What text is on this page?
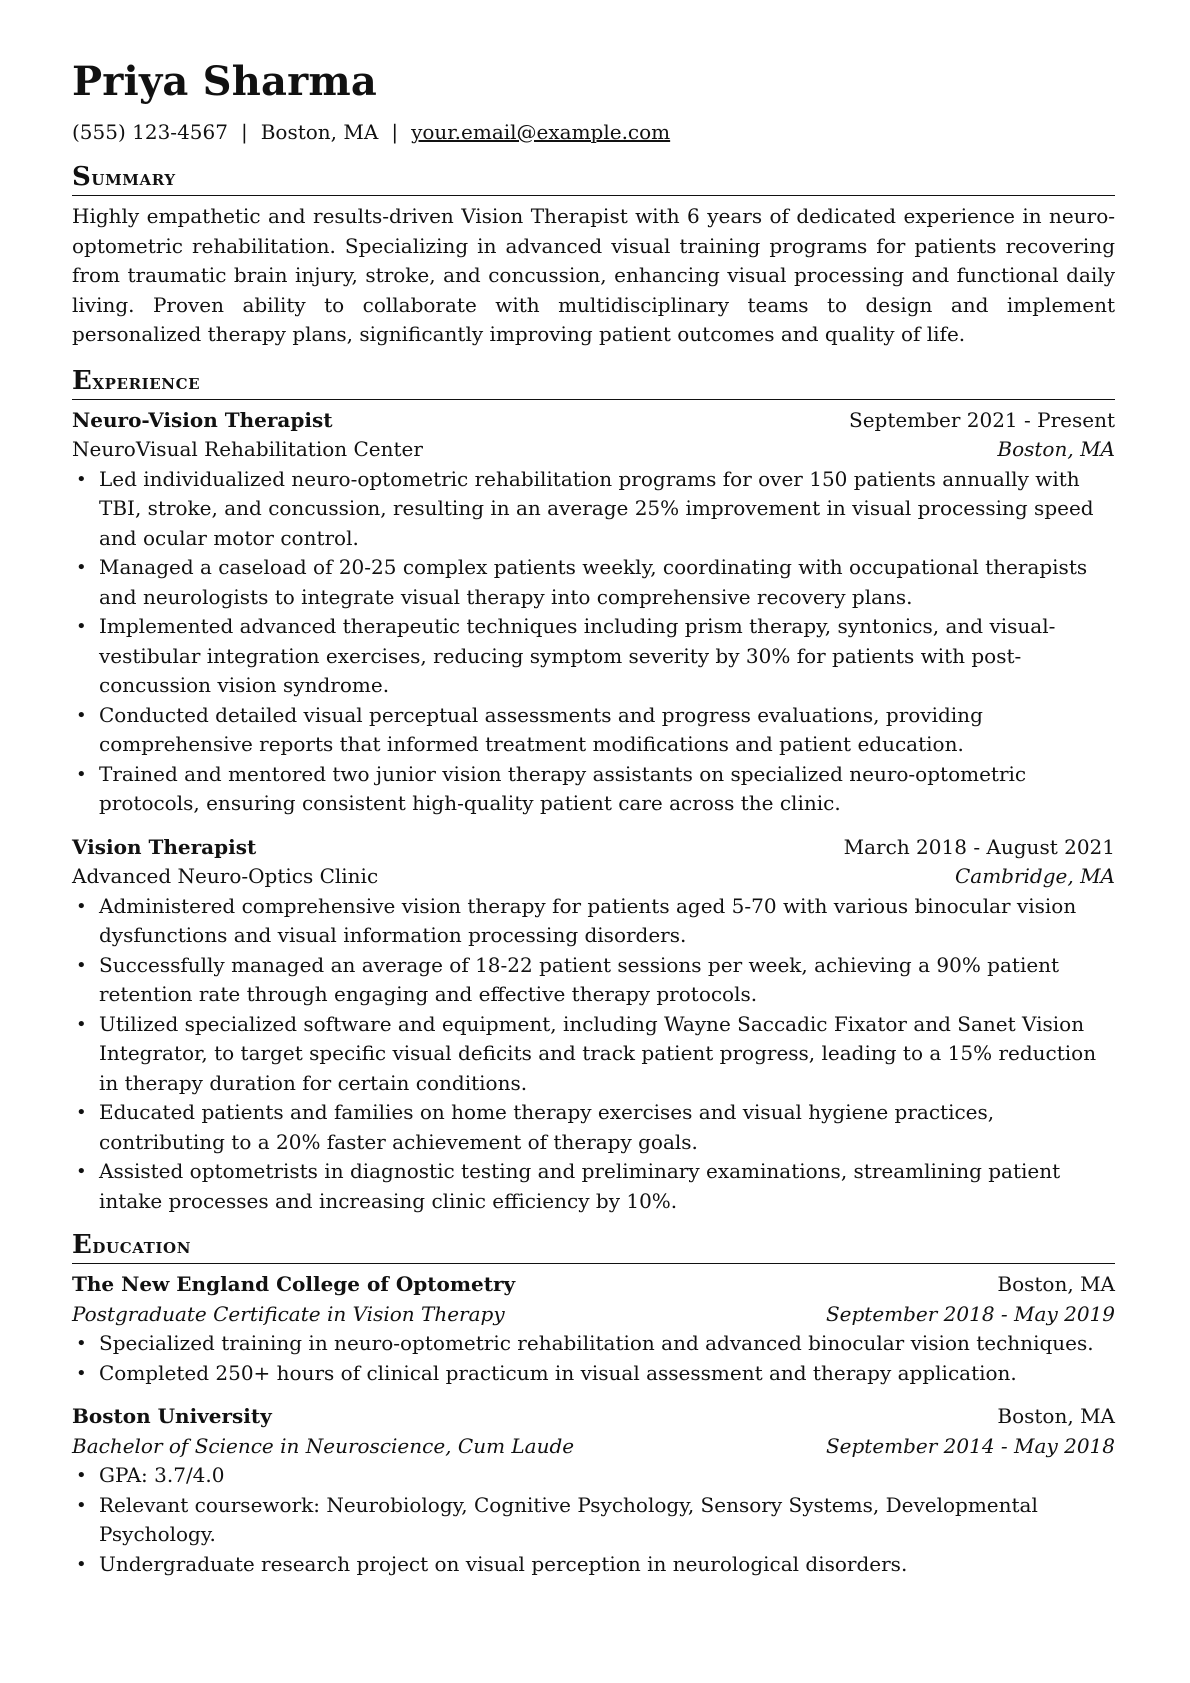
Priya Sharma
(555) 123-4567 | Boston, MA | your.email@example.com
Summary
Highly empathetic and results-driven Vision Therapist with 6 years of dedicated experience in neuro-optometric rehabilitation. Specializing in advanced visual training programs for patients recovering from traumatic brain injury, stroke, and concussion, enhancing visual processing and functional daily living. Proven ability to collaborate with multidisciplinary teams to design and implement personalized therapy plans, significantly improving patient outcomes and quality of life.
Experience
Neuro-Vision Therapist	September 2021 - Present
NeuroVisual Rehabilitation Center	Boston, MA
• Led individualized neuro-optometric rehabilitation programs for over 150 patients annually with TBI, stroke, and concussion, resulting in an average 25% improvement in visual processing speed and ocular motor control.
• Managed a caseload of 20-25 complex patients weekly, coordinating with occupational therapists and neurologists to integrate visual therapy into comprehensive recovery plans.
• Implemented advanced therapeutic techniques including prism therapy, syntonics, and visual-vestibular integration exercises, reducing symptom severity by 30% for patients with post-concussion vision syndrome.
• Conducted detailed visual perceptual assessments and progress evaluations, providing comprehensive reports that informed treatment modifications and patient education.
• Trained and mentored two junior vision therapy assistants on specialized neuro-optometric protocols, ensuring consistent high-quality patient care across the clinic.
Vision Therapist	March 2018 - August 2021
Advanced Neuro-Optics Clinic	Cambridge, MA
• Administered comprehensive vision therapy for patients aged 5-70 with various binocular vision dysfunctions and visual information processing disorders.
• Successfully managed an average of 18-22 patient sessions per week, achieving a 90% patient retention rate through engaging and effective therapy protocols.
• Utilized specialized software and equipment, including Wayne Saccadic Fixator and Sanet Vision Integrator, to target specific visual deficits and track patient progress, leading to a 15% reduction in therapy duration for certain conditions.
• Educated patients and families on home therapy exercises and visual hygiene practices, contributing to a 20% faster achievement of therapy goals.
• Assisted optometrists in diagnostic testing and preliminary examinations, streamlining patient intake processes and increasing clinic efficiency by 10%.
Education
The New England College of Optometry	Boston, MA
Postgraduate Certificate in Vision Therapy	September 2018 - May 2019
• Specialized training in neuro-optometric rehabilitation and advanced binocular vision techniques.
• Completed 250+ hours of clinical practicum in visual assessment and therapy application.
Boston University	Boston, MA
Bachelor of Science in Neuroscience, Cum Laude	September 2014 - May 2018
• GPA: 3.7/4.0
• Relevant coursework: Neurobiology, Cognitive Psychology, Sensory Systems, Developmental Psychology.
• Undergraduate research project on visual perception in neurological disorders.
